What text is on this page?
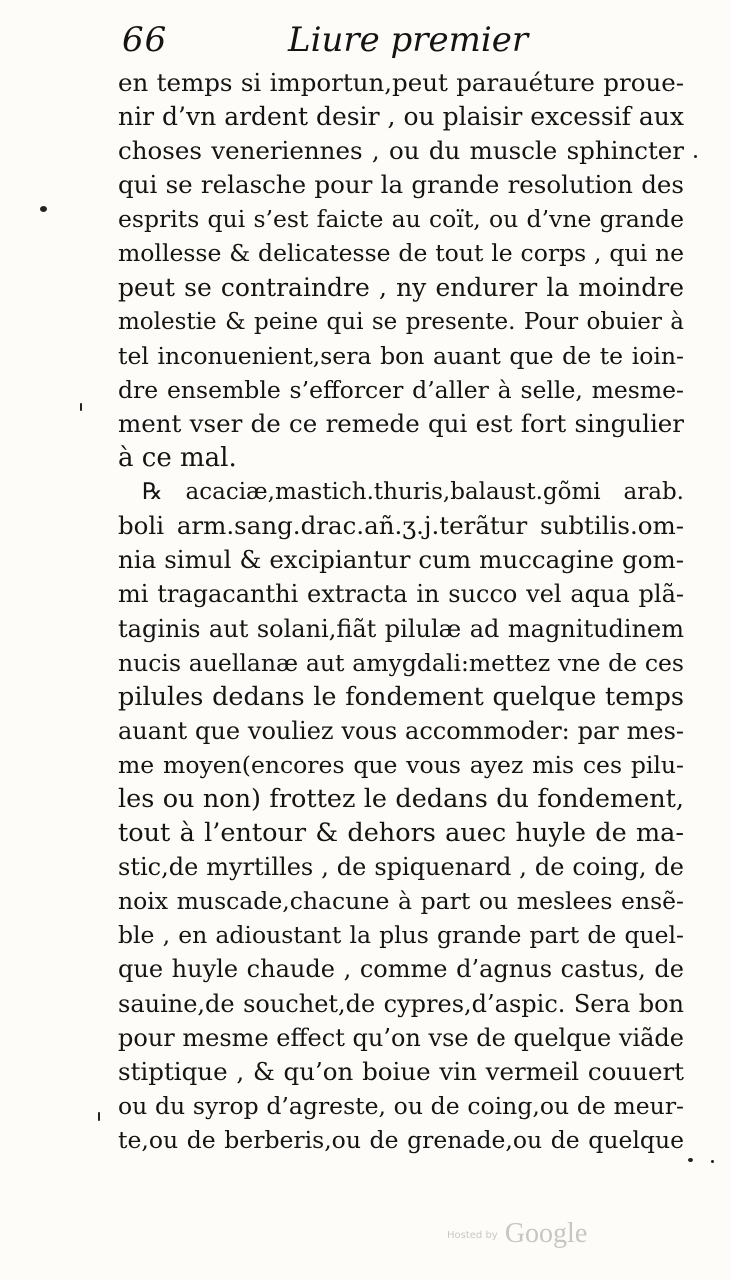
66	Liure premier
en temps si importun,peut parauéture proue-
nir d’vn ardent desir , ou plaisir excessif aux
choses veneriennes , ou du muscle sphincter
qui se relasche pour la grande resolution des
esprits qui s’est faicte au coït, ou d’vne grande
mollesse & delicatesse de tout le corps , qui ne
peut se contraindre , ny endurer la moindre
molestie & peine qui se presente. Pour obuier à
tel inconuenient,sera bon auant que de te ioin-
dre ensemble s’efforcer d’aller à selle, mesme-
ment vser de ce remede qui est fort singulier
à ce mal.
℞ acaciæ,mastich.thuris,balaust.gõmi arab.
boli arm.sang.drac.añ.ʒ.j.terãtur subtilis.om-
nia simul & excipiantur cum muccagine gom-
mi tragacanthi extracta in succo vel aqua plã-
taginis aut solani,fiãt pilulæ ad magnitudinem
nucis auellanæ aut amygdali:mettez vne de ces
pilules dedans le fondement quelque temps
auant que vouliez vous accommoder: par mes-
me moyen(encores que vous ayez mis ces pilu-
les ou non) frottez le dedans du fondement,
tout à l’entour & dehors auec huyle de ma-
stic,de myrtilles , de spiquenard , de coing, de
noix muscade,chacune à part ou meslees ensẽ-
ble , en adioustant la plus grande part de quel-
que huyle chaude , comme d’agnus castus, de
sauine,de souchet,de cypres,d’aspic. Sera bon
pour mesme effect qu’on vse de quelque viãde
stiptique , & qu’on boiue vin vermeil couuert
ou du syrop d’agreste, ou de coing,ou de meur-
te,ou de berberis,ou de grenade,ou de quelque
$^{Hosted by}$ Google
